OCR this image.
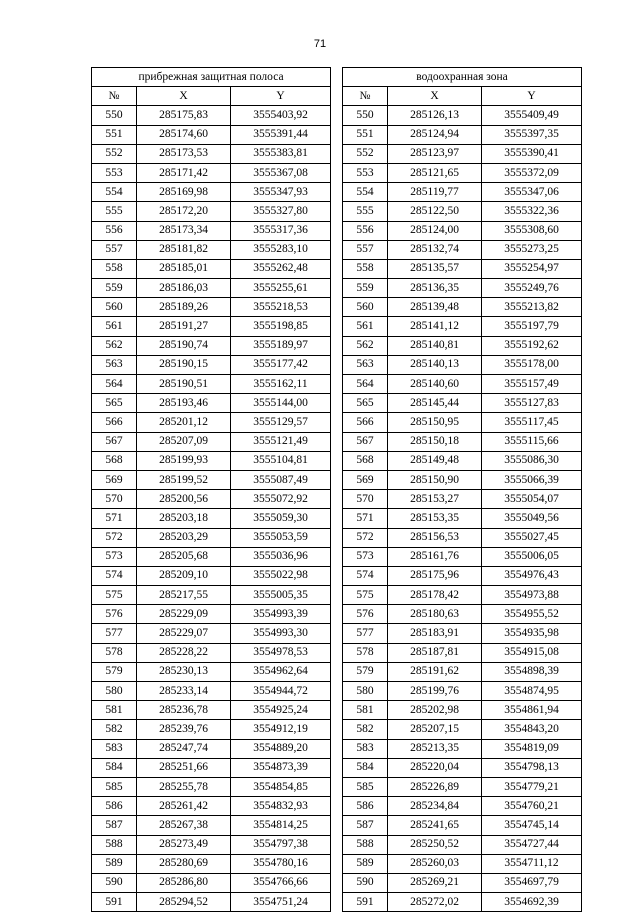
71
прибрежная защитная полоса		
№	X	Y
550	285175,83	3555403,92
551	285174,60	3555391,44
552	285173,53	3555383,81
553	285171,42	3555367,08
554	285169,98	3555347,93
555	285172,20	3555327,80
556	285173,34	3555317,36
557	285181,82	3555283,10
558	285185,01	3555262,48
559	285186,03	3555255,61
560	285189,26	3555218,53
561	285191,27	3555198,85
562	285190,74	3555189,97
563	285190,15	3555177,42
564	285190,51	3555162,11
565	285193,46	3555144,00
566	285201,12	3555129,57
567	285207,09	3555121,49
568	285199,93	3555104,81
569	285199,52	3555087,49
570	285200,56	3555072,92
571	285203,18	3555059,30
572	285203,29	3555053,59
573	285205,68	3555036,96
574	285209,10	3555022,98
575	285217,55	3555005,35
576	285229,09	3554993,39
577	285229,07	3554993,30
578	285228,22	3554978,53
579	285230,13	3554962,64
580	285233,14	3554944,72
581	285236,78	3554925,24
582	285239,76	3554912,19
583	285247,74	3554889,20
584	285251,66	3554873,39
585	285255,78	3554854,85
586	285261,42	3554832,93
587	285267,38	3554814,25
588	285273,49	3554797,38
589	285280,69	3554780,16
590	285286,80	3554766,66
591	285294,52	3554751,24
водоохранная зона		
№	X	Y
550	285126,13	3555409,49
551	285124,94	3555397,35
552	285123,97	3555390,41
553	285121,65	3555372,09
554	285119,77	3555347,06
555	285122,50	3555322,36
556	285124,00	3555308,60
557	285132,74	3555273,25
558	285135,57	3555254,97
559	285136,35	3555249,76
560	285139,48	3555213,82
561	285141,12	3555197,79
562	285140,81	3555192,62
563	285140,13	3555178,00
564	285140,60	3555157,49
565	285145,44	3555127,83
566	285150,95	3555117,45
567	285150,18	3555115,66
568	285149,48	3555086,30
569	285150,90	3555066,39
570	285153,27	3555054,07
571	285153,35	3555049,56
572	285156,53	3555027,45
573	285161,76	3555006,05
574	285175,96	3554976,43
575	285178,42	3554973,88
576	285180,63	3554955,52
577	285183,91	3554935,98
578	285187,81	3554915,08
579	285191,62	3554898,39
580	285199,76	3554874,95
581	285202,98	3554861,94
582	285207,15	3554843,20
583	285213,35	3554819,09
584	285220,04	3554798,13
585	285226,89	3554779,21
586	285234,84	3554760,21
587	285241,65	3554745,14
588	285250,52	3554727,44
589	285260,03	3554711,12
590	285269,21	3554697,79
591	285272,02	3554692,39
